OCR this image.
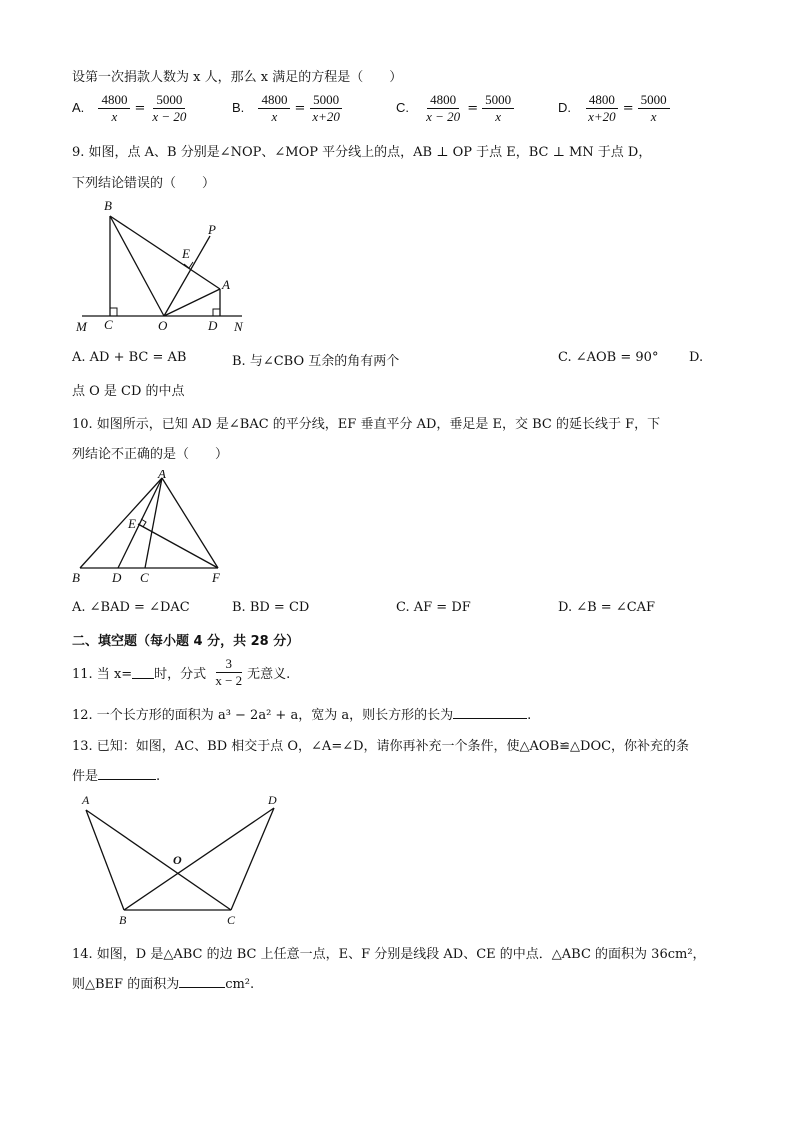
设第一次捐款人数为 x 人，那么 x 满足的方程是（　　）
A. $\frac{4800}{x} = \frac{5000}{x - 20}$	B. $\frac{4800}{x} = \frac{5000}{x+20}$	C. $\frac{4800}{x - 20} = \frac{5000}{x}$	D. $\frac{4800}{x+20} = \frac{5000}{x}$
9. 如图，点 A、B 分别是∠NOP、∠MOP 平分线上的点，AB ⊥ OP 于点 E，BC ⊥ MN 于点 D，
下列结论错误的（　　）
B
P
E
A
M C	O	D N
A. AD + BC = AB	B. 与∠CBO 互余的角有两个	C. ∠AOB = 90° D.
点 O 是 CD 的中点
10. 如图所示，已知 AD 是∠BAC 的平分线，EF 垂直平分 AD，垂足是 E，交 BC 的延长线于 F，下
列结论不正确的是（　　）
A
E
B D C	F
A. ∠BAD = ∠DAC	B. BD = CD	C. AF = DF	D. ∠B = ∠CAF
二、填空题（每小题 4 分，共 28 分）
11. 当 x= 时，分式 $\frac{3}{x - 2}$ 无意义.
12. 一个长方形的面积为 a³ − 2a² + a，宽为 a，则长方形的长为	.
13. 已知：如图，AC、BD 相交于点 O，∠A=∠D，请你再补充一个条件，使△AOB≌△DOC，你补充的条
件是	.
A	D
O
B	C
14. 如图，D 是△ABC 的边 BC 上任意一点，E、F 分别是线段 AD、CE 的中点．△ABC 的面积为 36cm²，
则△BEF 的面积为	cm².
